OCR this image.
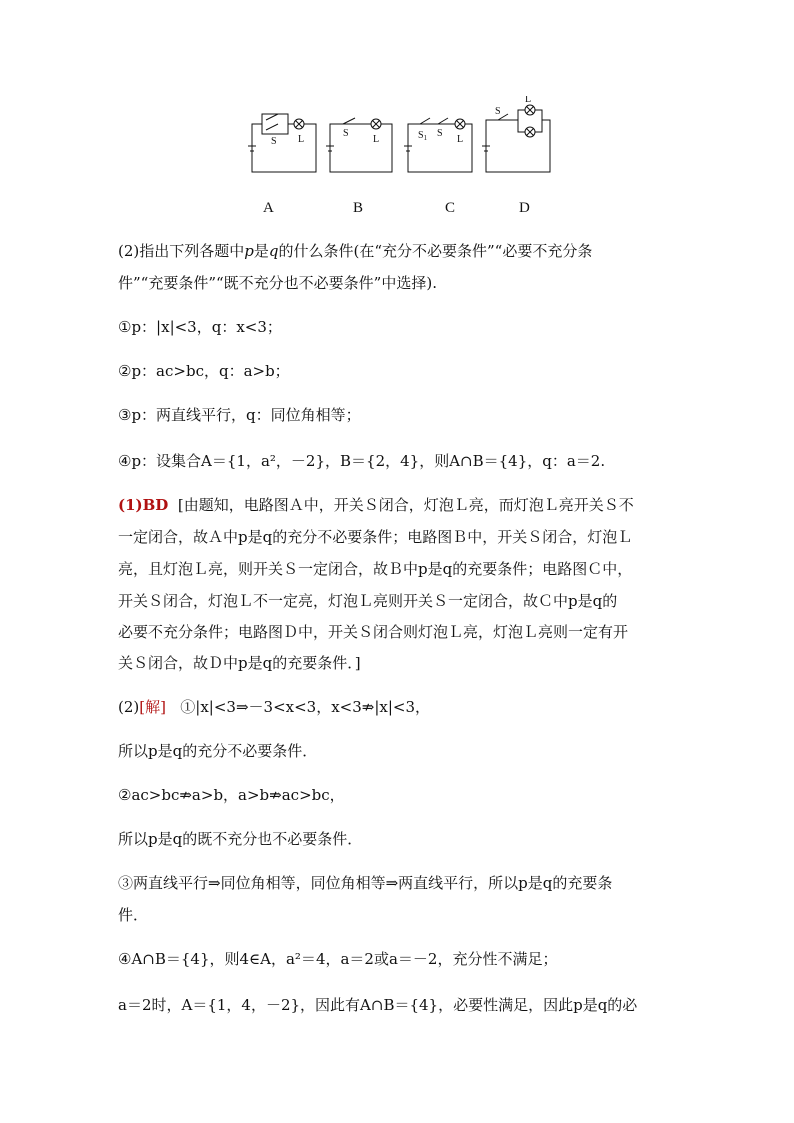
S L
S
L	$S_1$ S
L
S
L
A	B	C	D
(2)指出下列各题中p是q的什么条件(在“充分不必要条件”“必要不充分条
件”“充要条件”“既不充分也不必要条件”中选择).
①p：|x|<3，q：x<3；
②p：ac>bc，q：a>b；
③p：两直线平行，q：同位角相等；
④p：设集合A＝{1，a²，－2}，B＝{2，4}，则A∩B＝{4}，q：a＝2.
(1)BD [由题知，电路图Ａ中，开关Ｓ闭合，灯泡Ｌ亮，而灯泡Ｌ亮开关Ｓ不
一定闭合，故Ａ中p是q的充分不必要条件；电路图Ｂ中，开关Ｓ闭合，灯泡Ｌ
亮，且灯泡Ｌ亮，则开关Ｓ一定闭合，故Ｂ中p是q的充要条件；电路图Ｃ中，
开关Ｓ闭合，灯泡Ｌ不一定亮，灯泡Ｌ亮则开关Ｓ一定闭合，故Ｃ中p是q的
必要不充分条件；电路图Ｄ中，开关Ｓ闭合则灯泡Ｌ亮，灯泡Ｌ亮则一定有开
关Ｓ闭合，故Ｄ中p是q的充要条件．]
(2)[解] ①|x|<3⇒－3<x<3，x<3⇏|x|<3，
所以p是q的充分不必要条件．
②ac>bc⇏a>b，a>b⇏ac>bc，
所以p是q的既不充分也不必要条件．
③两直线平行⇒同位角相等，同位角相等⇒两直线平行，所以p是q的充要条
件．
④A∩B＝{4}，则4∈A，a²＝4，a＝2或a＝－2，充分性不满足；
a＝2时，A＝{1，4，－2}，因此有A∩B＝{4}，必要性满足，因此p是q的必
